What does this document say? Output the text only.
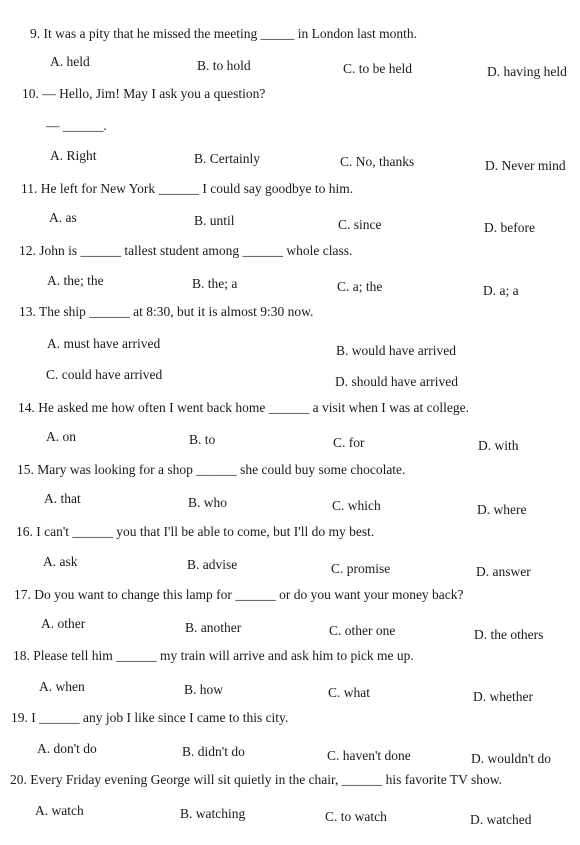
9. It was a pity that he missed the meeting _____ in London last month.
A. held	B. to hold	C. to be held	D. having held
10. — Hello, Jim! May I ask you a question?
— ______.
A. Right	B. Certainly	C. No, thanks	D. Never mind
11. He left for New York ______ I could say goodbye to him.
A. as	B. until	C. since	D. before
12. John is ______ tallest student among ______ whole class.
A. the; the	B. the; a	C. a; the	D. a; a
13. The ship ______ at 8:30, but it is almost 9:30 now.
A. must have arrived	B. would have arrived
C. could have arrived	D. should have arrived
14. He asked me how often I went back home ______ a visit when I was at college.
A. on	B. to	C. for	D. with
15. Mary was looking for a shop ______ she could buy some chocolate.
A. that	B. who	C. which	D. where
16. I can't ______ you that I'll be able to come, but I'll do my best.
A. ask	B. advise	C. promise	D. answer
17. Do you want to change this lamp for ______ or do you want your money back?
A. other	B. another	C. other one	D. the others
18. Please tell him ______ my train will arrive and ask him to pick me up.
A. when	B. how	C. what	D. whether
19. I ______ any job I like since I came to this city.
A. don't do	B. didn't do	C. haven't done	D. wouldn't do
20. Every Friday evening George will sit quietly in the chair, ______ his favorite TV show.
A. watch	B. watching	C. to watch	D. watched
